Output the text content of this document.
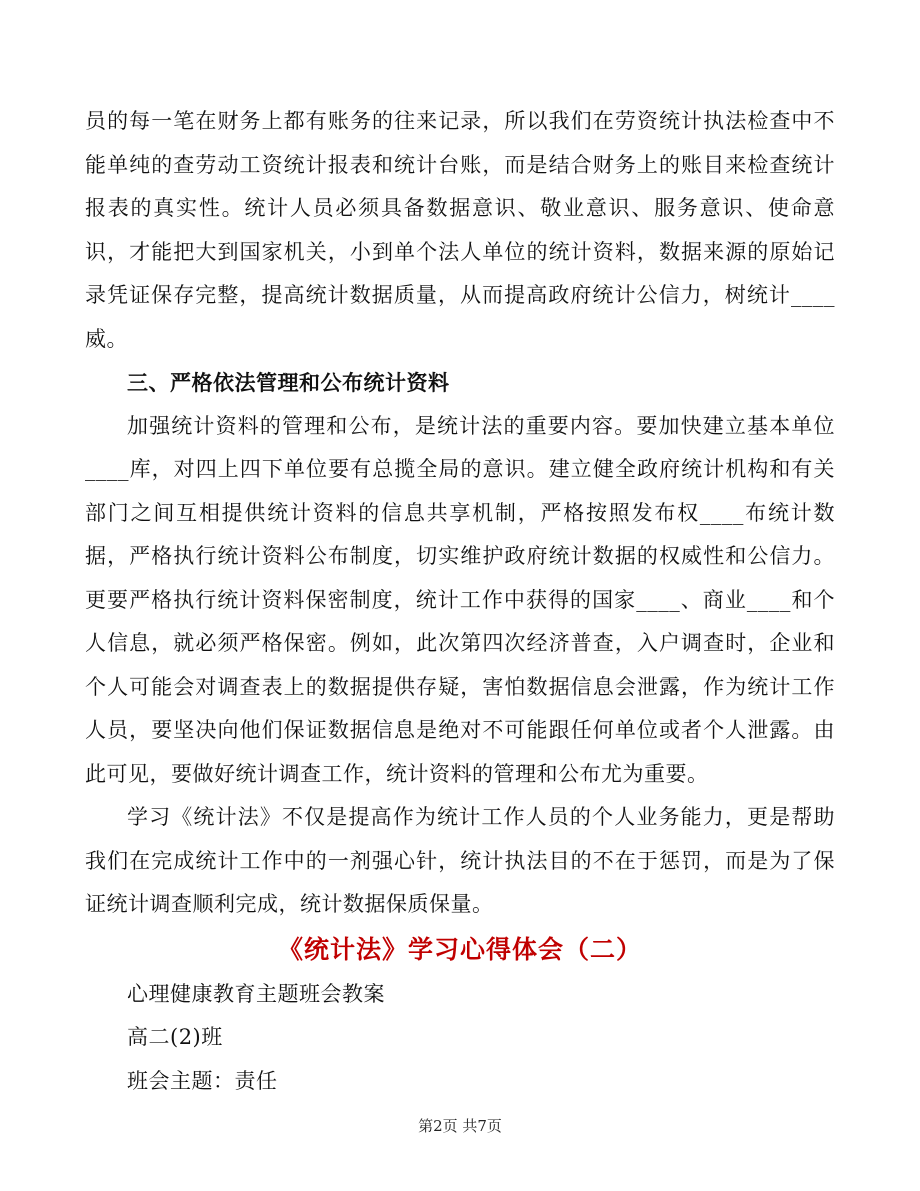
员的每一笔在财务上都有账务的往来记录，所以我们在劳资统计执法检查中不能单纯的查劳动工资统计报表和统计台账，而是结合财务上的账目来检查统计报表的真实性。统计人员必须具备数据意识、敬业意识、服务意识、使命意识，才能把大到国家机关，小到单个法人单位的统计资料，数据来源的原始记录凭证保存完整，提高统计数据质量，从而提高政府统计公信力，树统计____威。

三、严格依法管理和公布统计资料

加强统计资料的管理和公布，是统计法的重要内容。要加快建立基本单位____库，对四上四下单位要有总揽全局的意识。建立健全政府统计机构和有关部门之间互相提供统计资料的信息共享机制，严格按照发布权____布统计数据，严格执行统计资料公布制度，切实维护政府统计数据的权威性和公信力。更要严格执行统计资料保密制度，统计工作中获得的国家____、商业____和个人信息，就必须严格保密。例如，此次第四次经济普查，入户调查时，企业和个人可能会对调查表上的数据提供存疑，害怕数据信息会泄露，作为统计工作人员，要坚决向他们保证数据信息是绝对不可能跟任何单位或者个人泄露。由此可见，要做好统计调查工作，统计资料的管理和公布尤为重要。

学习《统计法》不仅是提高作为统计工作人员的个人业务能力，更是帮助我们在完成统计工作中的一剂强心针，统计执法目的不在于惩罚，而是为了保证统计调查顺利完成，统计数据保质保量。

《统计法》学习心得体会（二）

心理健康教育主题班会教案

高二(2)班

班会主题：责任

第2页 共7页
